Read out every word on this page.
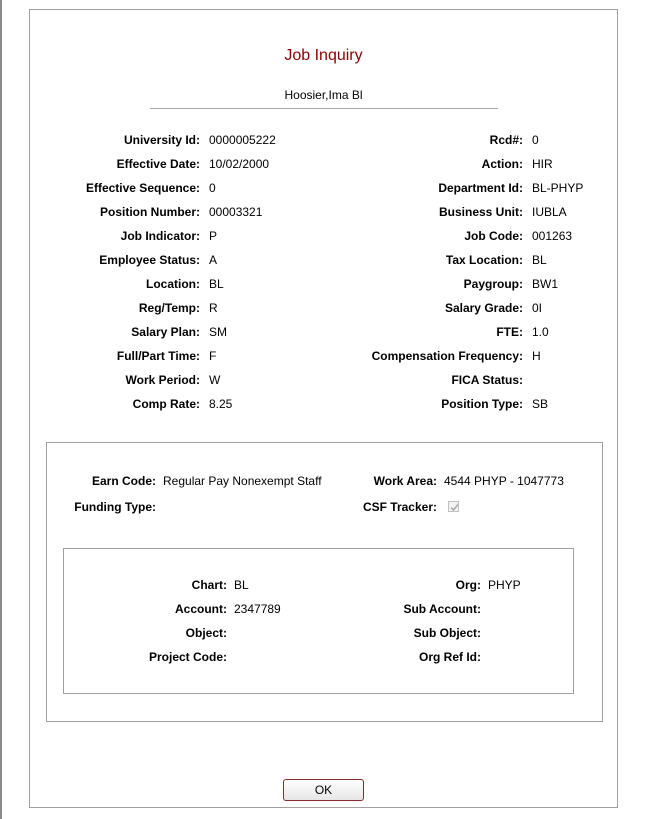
Job Inquiry
Hoosier,Ima Bl
University Id: 0000005222
Effective Date: 10/02/2000
Effective Sequence: 0
Position Number: 00003321
Job Indicator: P
Employee Status: A
Location: BL
Reg/Temp: R
Salary Plan: SM
Full/Part Time: F
Work Period: W
Comp Rate: 8.25
Rcd#: 0
Action: HIR
Department Id: BL-PHYP
Business Unit: IUBLA
Job Code: 001263
Tax Location: BL
Paygroup: BW1
Salary Grade: 0I
FTE: 1.0
Compensation Frequency: H
FICA Status:
Position Type: SB
Earn Code: Regular Pay Nonexempt Staff	Work Area: 4544 PHYP - 1047773
Funding Type:	CSF Tracker:
Chart: BL
Account: 2347789
Object:
Project Code:
Org: PHYP
Sub Account:
Sub Object:
Org Ref Id:
OK
